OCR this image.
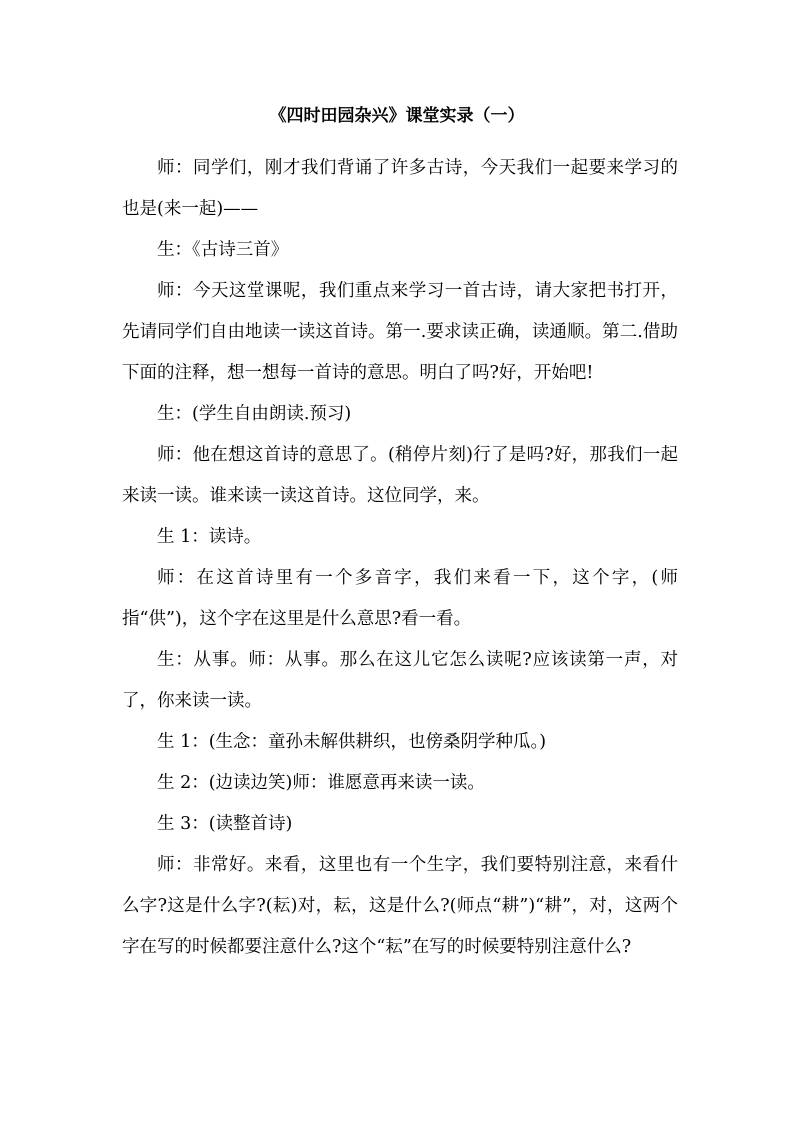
《四时田园杂兴》课堂实录（一）

师：同学们，刚才我们背诵了许多古诗，今天我们一起要来学习的也是(来一起)——

生：《古诗三首》

师：今天这堂课呢，我们重点来学习一首古诗，请大家把书打开，先请同学们自由地读一读这首诗。第一.要求读正确，读通顺。第二.借助下面的注释，想一想每一首诗的意思。明白了吗?好，开始吧!

生：(学生自由朗读.预习)

师：他在想这首诗的意思了。(稍停片刻)行了是吗?好，那我们一起来读一读。谁来读一读这首诗。这位同学，来。

生 1：读诗。

师：在这首诗里有一个多音字，我们来看一下，这个字，(师指“供”)，这个字在这里是什么意思?看一看。

生：从事。师：从事。那么在这儿它怎么读呢?应该读第一声，对了，你来读一读。

生 1：(生念：童孙未解供耕织，也傍桑阴学种瓜。)

生 2：(边读边笑)师：谁愿意再来读一读。

生 3：(读整首诗)

师：非常好。来看，这里也有一个生字，我们要特别注意，来看什么字?这是什么字?(耘)对，耘，这是什么?(师点“耕”)“耕”，对，这两个字在写的时候都要注意什么?这个“耘”在写的时候要特别注意什么?
